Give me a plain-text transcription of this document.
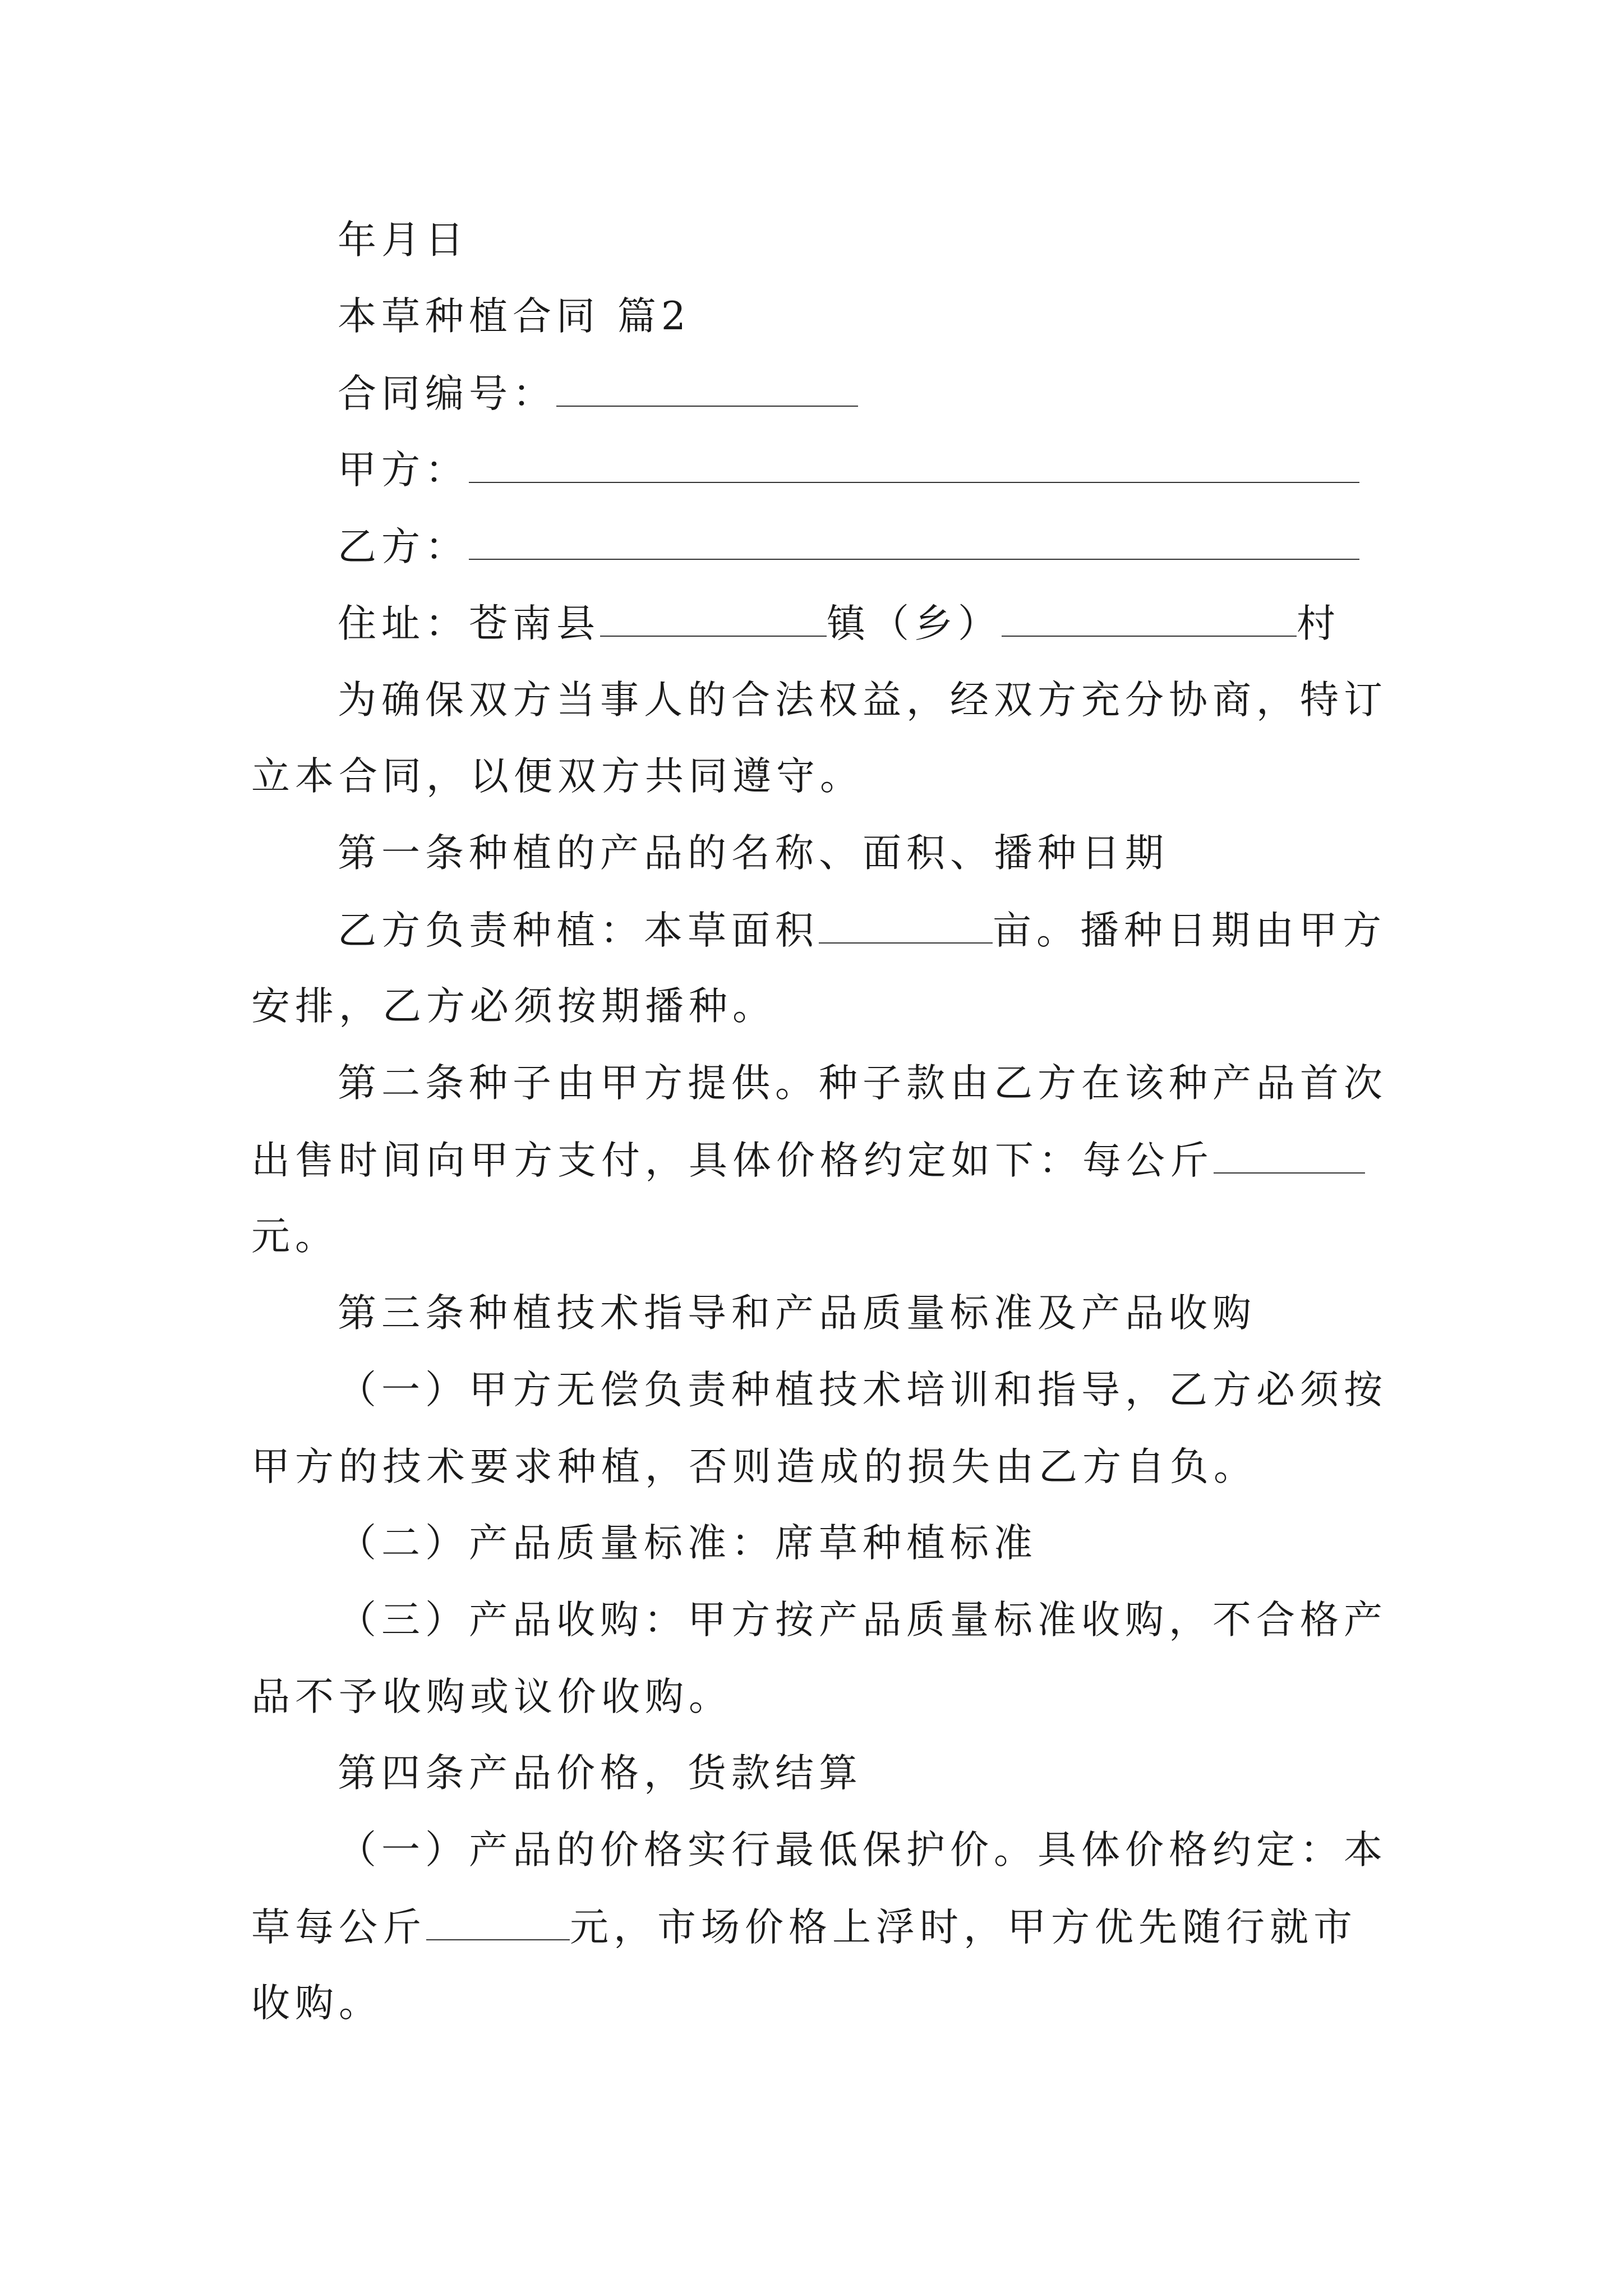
年月日
本草种植合同 篇2
合同编号：
甲方：
乙方：
住址：苍南县	镇（乡）	村
为确保双方当事人的合法权益，经双方充分协商，特订
立本合同，以便双方共同遵守。
第一条种植的产品的名称、面积、播种日期
乙方负责种植：本草面积	亩。播种日期由甲方
安排，乙方必须按期播种。
第二条种子由甲方提供。种子款由乙方在该种产品首次
出售时间向甲方支付，具体价格约定如下：每公斤
元。
第三条种植技术指导和产品质量标准及产品收购
（一）甲方无偿负责种植技术培训和指导，乙方必须按
甲方的技术要求种植，否则造成的损失由乙方自负。
（二）产品质量标准：席草种植标准
（三）产品收购：甲方按产品质量标准收购，不合格产
品不予收购或议价收购。
第四条产品价格，货款结算
（一）产品的价格实行最低保护价。具体价格约定：本
草每公斤	元，市场价格上浮时，甲方优先随行就市
收购。
